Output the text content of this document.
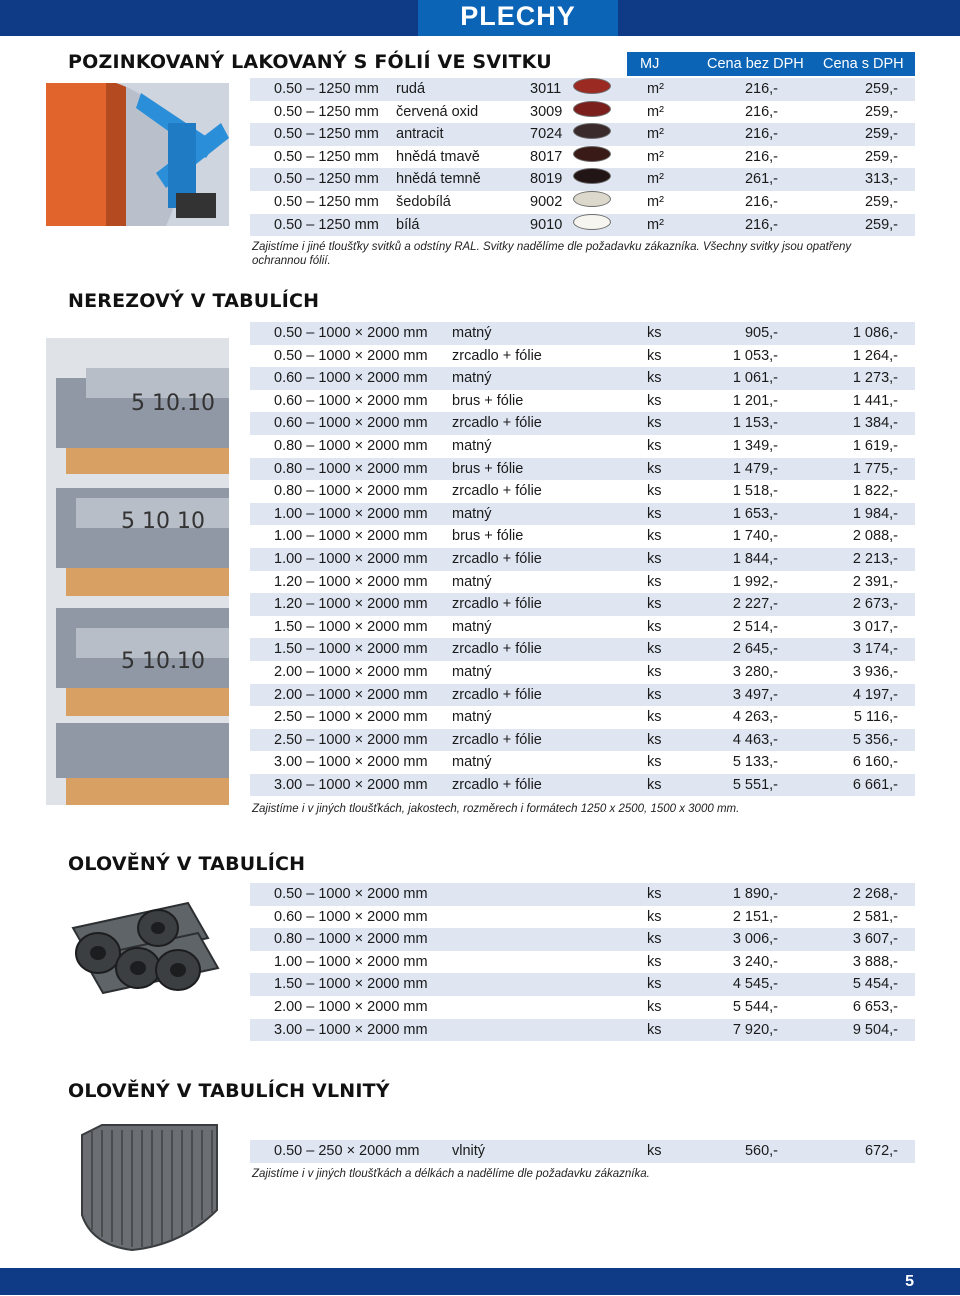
PLECHY
POZINKOVANÝ LAKOVANÝ S FÓLIÍ VE SVITKU	MJ	Cena bez DPH Cena s DPH
0.50 – 1250 mm rudá	3011	m²	216,-	259,-
0.50 – 1250 mm červená oxid	3009	m²	216,-	259,-
0.50 – 1250 mm antracit	7024	m²	216,-	259,-
0.50 – 1250 mm hnědá tmavě	8017	m²	216,-	259,-
0.50 – 1250 mm hnědá temně	8019	m²	261,-	313,-
0.50 – 1250 mm šedobílá	9002	m²	216,-	259,-
0.50 – 1250 mm bílá	9010	m²	216,-	259,-
Zajistíme i jiné tloušťky svitků a odstíny RAL. Svitky nadělíme dle požadavku zákazníka. Všechny svitky jsou opatřeny ochrannou fólií.
NEREZOVÝ V TABULÍCH
5 10.10
5 10 10
5 10.10
0.50 – 1000 × 2000 mm matný	ks	905,-	1 086,-
0.50 – 1000 × 2000 mm zrcadlo + fólie	ks	1 053,-	1 264,-
0.60 – 1000 × 2000 mm matný	ks	1 061,-	1 273,-
0.60 – 1000 × 2000 mm brus + fólie	ks	1 201,-	1 441,-
0.60 – 1000 × 2000 mm zrcadlo + fólie	ks	1 153,-	1 384,-
0.80 – 1000 × 2000 mm matný	ks	1 349,-	1 619,-
0.80 – 1000 × 2000 mm brus + fólie	ks	1 479,-	1 775,-
0.80 – 1000 × 2000 mm zrcadlo + fólie	ks	1 518,-	1 822,-
1.00 – 1000 × 2000 mm matný	ks	1 653,-	1 984,-
1.00 – 1000 × 2000 mm brus + fólie	ks	1 740,-	2 088,-
1.00 – 1000 × 2000 mm zrcadlo + fólie	ks	1 844,-	2 213,-
1.20 – 1000 × 2000 mm matný	ks	1 992,-	2 391,-
1.20 – 1000 × 2000 mm zrcadlo + fólie	ks	2 227,-	2 673,-
1.50 – 1000 × 2000 mm matný	ks	2 514,-	3 017,-
1.50 – 1000 × 2000 mm zrcadlo + fólie	ks	2 645,-	3 174,-
2.00 – 1000 × 2000 mm matný	ks	3 280,-	3 936,-
2.00 – 1000 × 2000 mm zrcadlo + fólie	ks	3 497,-	4 197,-
2.50 – 1000 × 2000 mm matný	ks	4 263,-	5 116,-
2.50 – 1000 × 2000 mm zrcadlo + fólie	ks	4 463,-	5 356,-
3.00 – 1000 × 2000 mm matný	ks	5 133,-	6 160,-
3.00 – 1000 × 2000 mm zrcadlo + fólie	ks	5 551,-	6 661,-
Zajistíme i v jiných tloušťkách, jakostech, rozměrech i formátech 1250 x 2500, 1500 x 3000 mm.
OLOVĚNÝ V TABULÍCH
0.50 – 1000 × 2000 mm	ks	1 890,-	2 268,-
0.60 – 1000 × 2000 mm	ks	2 151,-	2 581,-
0.80 – 1000 × 2000 mm	ks	3 006,-	3 607,-
1.00 – 1000 × 2000 mm	ks	3 240,-	3 888,-
1.50 – 1000 × 2000 mm	ks	4 545,-	5 454,-
2.00 – 1000 × 2000 mm	ks	5 544,-	6 653,-
3.00 – 1000 × 2000 mm	ks	7 920,-	9 504,-
OLOVĚNÝ V TABULÍCH VLNITÝ
0.50 – 250 × 2000 mm vlnitý	ks	560,-	672,-
Zajistíme i v jiných tloušťkách a délkách a nadělíme dle požadavku zákazníka.
5
